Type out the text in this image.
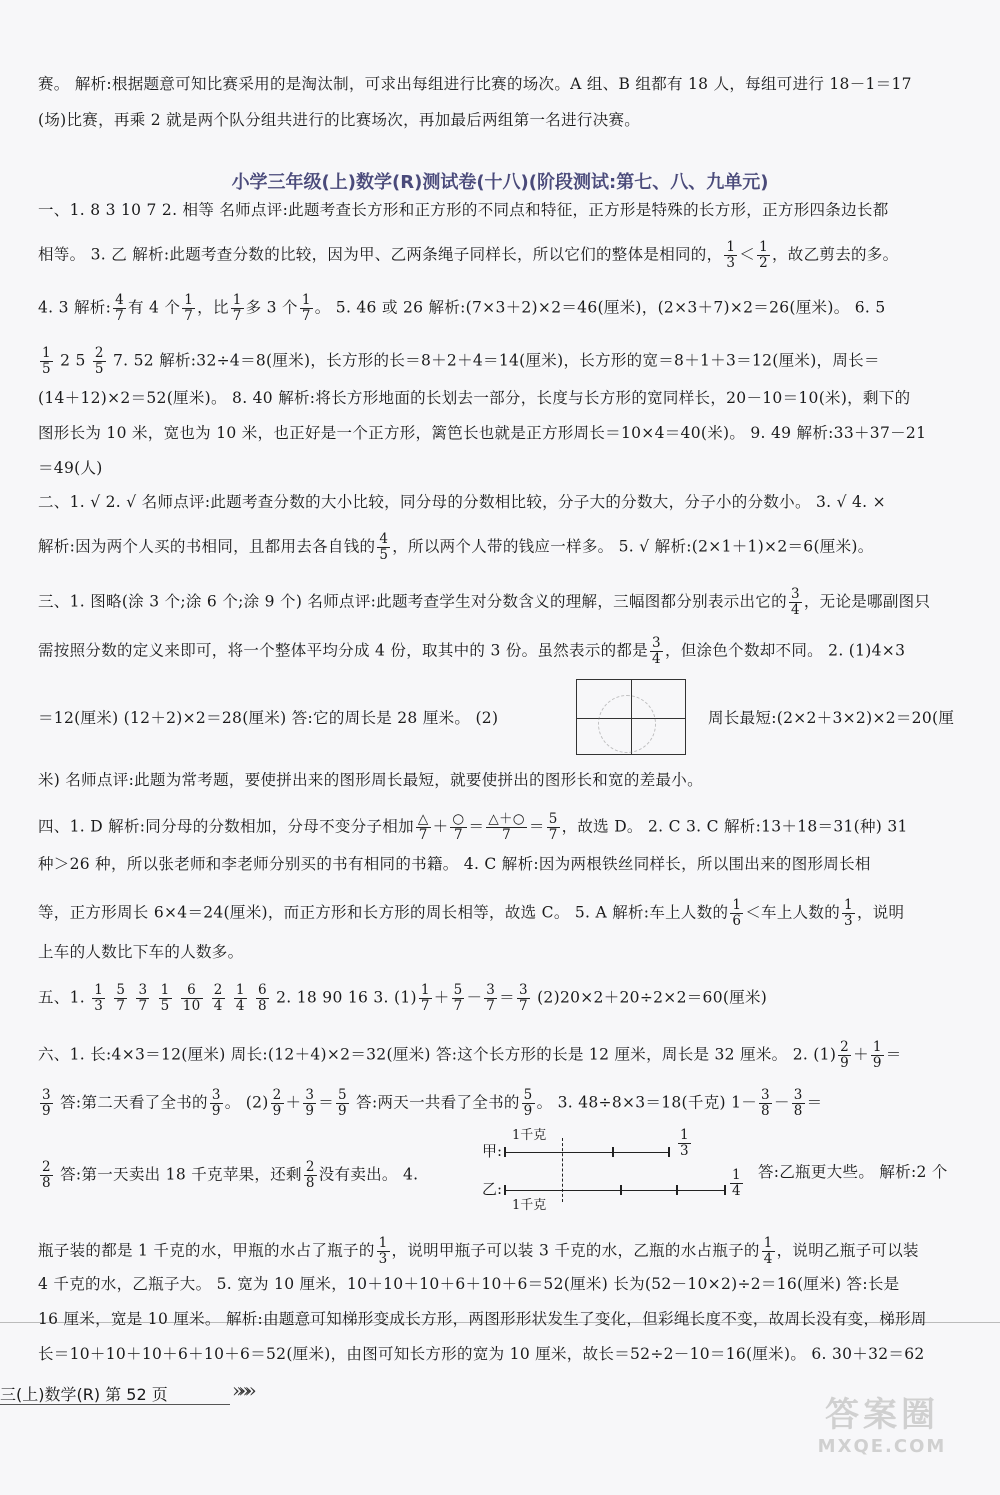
赛。 解析:根据题意可知比赛采用的是淘汰制，可求出每组进行比赛的场次。A 组、B 组都有 18 人，每组可进行 18－1＝17
(场)比赛，再乘 2 就是两个队分组共进行的比赛场次，再加最后两组第一名进行决赛。
小学三年级(上)数学(R)测试卷(十八)(阶段测试:第七、八、九单元)
一、1. 8 3 10 7 2. 相等 名师点评:此题考查长方形和正方形的不同点和特征，正方形是特殊的长方形，正方形四条边长都
相等。 3. 乙 解析:此题考查分数的比较，因为甲、乙两条绳子同样长，所以它们的整体是相同的， $\frac{1}{3} < \frac{1}{2}$ ，故乙剪去的多。
4. 3 解析: $\frac{4}{7}$ 有 4 个 $\frac{1}{7}$ ，比 $\frac{1}{7}$ 多 3 个 $\frac{1}{7}$ 。 5. 46 或 26 解析:(7×3＋2)×2＝46(厘米)，(2×3＋7)×2＝26(厘米)。 6. 5
$\frac{1}{5} 2$ $5 \frac{2}{5} 7$. 52 解析:32÷4＝8(厘米)，长方形的长＝8＋2＋4＝14(厘米)，长方形的宽＝8＋1＋3＝12(厘米)，周长＝
(14＋12)×2＝52(厘米)。 8. 40 解析:将长方形地面的长划去一部分，长度与长方形的宽同样长，20－10＝10(米)，剩下的
图形长为 10 米，宽也为 10 米，也正好是一个正方形，篱笆长也就是正方形周长＝10×4＝40(米)。 9. 49 解析:33＋37－21
＝49(人)
二、1. √ 2. √ 名师点评:此题考查分数的大小比较，同分母的分数相比较，分子大的分数大，分子小的分数小。 3. √ 4. ×
解析:因为两个人买的书相同，且都用去各自钱的 $\frac{4}{5}$ ，所以两个人带的钱应一样多。 5. √ 解析:(2×1＋1)×2＝6(厘米)。
三、1. 图略(涂 3 个;涂 6 个;涂 9 个) 名师点评:此题考查学生对分数含义的理解，三幅图都分别表示出它的 $\frac{3}{4}$ ，无论是哪副图只
需按照分数的定义来即可，将一个整体平均分成 4 份，取其中的 3 份。虽然表示的都是 $\frac{3}{4}$ ，但涂色个数却不同。 2. (1)4×3
＝12(厘米) (12＋2)×2＝28(厘米) 答:它的周长是 28 厘米。 (2)	周长最短:(2×2＋3×2)×2＝20(厘
米) 名师点评:此题为常考题，要使拼出来的图形周长最短，就要使拼出的图形长和宽的差最小。
四、1. D 解析:同分母的分数相加，分母不变分子相加 $\frac{\triangle}{7} + \frac{○}{7} = \frac{\triangle+○}{7} = \frac{5}{7}$ ，故选 D。 2. C 3. C 解析:13＋18＝31(种) 31
种＞26 种，所以张老师和李老师分别买的书有相同的书籍。 4. C 解析:因为两根铁丝同样长，所以围出来的图形周长相
等，正方形周长 6×4＝24(厘米)，而正方形和长方形的周长相等，故选 C。 5. A 解析:车上人数的 $\frac{1}{6}$ ＜车上人数的 $\frac{1}{3}$ ，说明
上车的人数比下车的人数多。
五、1. $\frac{1}{3}$
$\frac{5}{7}$
$\frac{3}{7}$
$\frac{1}{5}$
$\frac{6}{10}$
$\frac{2}{4}$
$\frac{1}{4}$
$\frac{6}{8} 2$. 18 90 16 3. $(1) \frac{1}{7} + \frac{5}{7} - \frac{3}{7} = \frac{3}{7} (2)20\times 2+20\div 2\times 2=60$(厘米)
六、1. 长:4×3＝12(厘米) 周长:(12＋4)×2＝32(厘米) 答:这个长方形的长是 12 厘米，周长是 32 厘米。 2. $(1) \frac{2}{9} + \frac{1}{9}$ ＝
$\frac{3}{9}$ 答:第二天看了全书的 $\frac{3}{9}$ 。 $(2) \frac{2}{9} + \frac{3}{9} = \frac{5}{9}$ 答:两天一共看了全书的 $\frac{5}{9}$ 。 3. 48÷8×3＝18(千克) $1- \frac{3}{8} - \frac{3}{8}$ ＝
$\frac{2}{8}$ 答:第一天卖出 18 千克苹果，还剩 $\frac{2}{8}$ 没有卖出。 4.
甲:
1千克	$\frac{1}{3}$
乙:
1千克
$\frac{1}{4}$ 答:乙瓶更大些。 解析:2 个
瓶子装的都是 1 千克的水，甲瓶的水占了瓶子的 $\frac{1}{3}$ ，说明甲瓶子可以装 3 千克的水，乙瓶的水占瓶子的 $\frac{1}{4}$ ，说明乙瓶子可以装
4 千克的水，乙瓶子大。 5. 宽为 10 厘米，10＋10＋10＋6＋10＋6＝52(厘米) 长为(52－10×2)÷2＝16(厘米) 答:长是
16 厘米，宽是 10 厘米。 解析:由题意可知梯形变成长方形，两图形形状发生了变化，但彩绳长度不变，故周长没有变，梯形周
长＝10＋10＋10＋6＋10＋6＝52(厘米)，由图可知长方形的宽为 10 厘米，故长＝52÷2－10＝16(厘米)。 6. 30＋32＝62
三(上)数学(R) 第 52 页	»»»
答案圈
MXQE.COM
